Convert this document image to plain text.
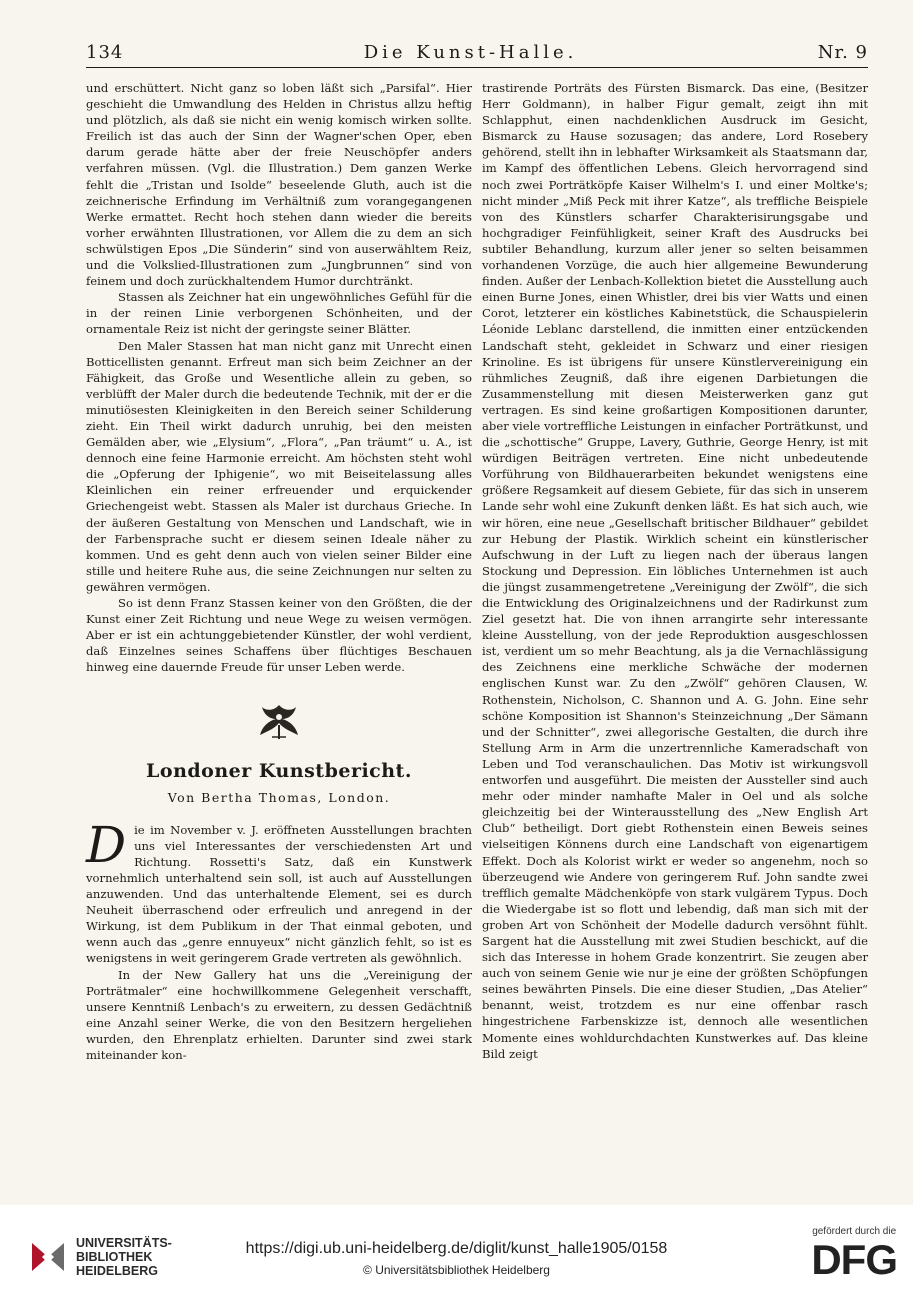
134	Die Kunst-Halle.	Nr. 9

und erschüttert. Nicht ganz so loben läßt sich „Parsifal“. Hier geschieht die Umwandlung des Helden in Christus allzu heftig und plötzlich, als daß sie nicht ein wenig komisch wirken sollte. Freilich ist das auch der Sinn der Wagner'schen Oper, eben darum gerade hätte aber der freie Neuschöpfer anders verfahren müssen. (Vgl. die Illustration.) Dem ganzen Werke fehlt die „Tristan und Isolde“ beseelende Gluth, auch ist die zeichnerische Erfindung im Verhältniß zum vorangegangenen Werke ermattet. Recht hoch stehen dann wieder die bereits vorher erwähnten Illustrationen, vor Allem die zu dem an sich schwülstigen Epos „Die Sünderin“ sind von auserwähltem Reiz, und die Volkslied-Illustrationen zum „Jungbrunnen“ sind von feinem und doch zurückhaltendem Humor durchtränkt.

Stassen als Zeichner hat ein ungewöhnliches Gefühl für die in der reinen Linie verborgenen Schönheiten, und der ornamentale Reiz ist nicht der geringste seiner Blätter.

Den Maler Stassen hat man nicht ganz mit Unrecht einen Botticellisten genannt. Erfreut man sich beim Zeichner an der Fähigkeit, das Große und Wesentliche allein zu geben, so verblüfft der Maler durch die bedeutende Technik, mit der er die minutiösesten Kleinigkeiten in den Bereich seiner Schilderung zieht. Ein Theil wirkt dadurch unruhig, bei den meisten Gemälden aber, wie „Elysium“, „Flora“, „Pan träumt“ u. A., ist dennoch eine feine Harmonie erreicht. Am höchsten steht wohl die „Opferung der Iphigenie“, wo mit Beiseitelassung alles Kleinlichen ein reiner erfreuender und erquickender Griechengeist webt. Stassen als Maler ist durchaus Grieche. In der äußeren Gestaltung von Menschen und Landschaft, wie in der Farbensprache sucht er diesem seinen Ideale näher zu kommen. Und es geht denn auch von vielen seiner Bilder eine stille und heitere Ruhe aus, die seine Zeichnungen nur selten zu gewähren vermögen.

So ist denn Franz Stassen keiner von den Größten, die der Kunst einer Zeit Richtung und neue Wege zu weisen vermögen. Aber er ist ein achtunggebietender Künstler, der wohl verdient, daß Einzelnes seines Schaffens über flüchtiges Beschauen hinweg eine dauernde Freude für unser Leben werde.

Londoner Kunstbericht.
Von Bertha Thomas, London.
D ie im November v. J. eröffneten Ausstellungen brachten uns viel Interessantes der verschiedensten Art und Richtung. Rossetti's Satz, daß ein Kunstwerk vornehmlich unterhaltend sein soll, ist auch auf Ausstellungen anzuwenden. Und das unterhaltende Element, sei es durch Neuheit überraschend oder erfreulich und anregend in der Wirkung, ist dem Publikum in der That einmal geboten, und wenn auch das „genre ennuyeux“ nicht gänzlich fehlt, so ist es wenigstens in weit geringerem Grade vertreten als gewöhnlich.

In der New Gallery hat uns die „Vereinigung der Porträtmaler“ eine hochwillkommene Gelegenheit verschafft, unsere Kenntniß Lenbach's zu erweitern, zu dessen Gedächtniß eine Anzahl seiner Werke, die von den Besitzern hergeliehen wurden, den Ehrenplatz erhielten. Darunter sind zwei stark miteinander kon-

trastirende Porträts des Fürsten Bismarck. Das eine, (Besitzer Herr Goldmann), in halber Figur gemalt, zeigt ihn mit Schlapphut, einen nachdenklichen Ausdruck im Gesicht, Bismarck zu Hause sozusagen; das andere, Lord Rosebery gehörend, stellt ihn in lebhafter Wirksamkeit als Staatsmann dar, im Kampf des öffentlichen Lebens. Gleich hervorragend sind noch zwei Porträtköpfe Kaiser Wilhelm's I. und einer Moltke's; nicht minder „Miß Peck mit ihrer Katze“, als treffliche Beispiele von des Künstlers scharfer Charakterisirungsgabe und hochgradiger Feinfühligkeit, seiner Kraft des Ausdrucks bei subtiler Behandlung, kurzum aller jener so selten beisammen vorhandenen Vorzüge, die auch hier allgemeine Bewunderung finden. Außer der Lenbach-Kollektion bietet die Ausstellung auch einen Burne Jones, einen Whistler, drei bis vier Watts und einen Corot, letzterer ein köstliches Kabinetstück, die Schauspielerin Léonide Leblanc darstellend, die inmitten einer entzückenden Landschaft steht, gekleidet in Schwarz und einer riesigen Krinoline. Es ist übrigens für unsere Künstlervereinigung ein rühmliches Zeugniß, daß ihre eigenen Darbietungen die Zusammenstellung mit diesen Meisterwerken ganz gut vertragen. Es sind keine großartigen Kompositionen darunter, aber viele vortreffliche Leistungen in einfacher Porträtkunst, und die „schottische“ Gruppe, Lavery, Guthrie, George Henry, ist mit würdigen Beiträgen vertreten. Eine nicht unbedeutende Vorführung von Bildhauerarbeiten bekundet wenigstens eine größere Regsamkeit auf diesem Gebiete, für das sich in unserem Lande sehr wohl eine Zukunft denken läßt. Es hat sich auch, wie wir hören, eine neue „Gesellschaft britischer Bildhauer“ gebildet zur Hebung der Plastik. Wirklich scheint ein künstlerischer Aufschwung in der Luft zu liegen nach der überaus langen Stockung und Depression. Ein löbliches Unternehmen ist auch die jüngst zusammengetretene „Vereinigung der Zwölf“, die sich die Entwicklung des Originalzeichnens und der Radirkunst zum Ziel gesetzt hat. Die von ihnen arrangirte sehr interessante kleine Ausstellung, von der jede Reproduktion ausgeschlossen ist, verdient um so mehr Beachtung, als ja die Vernachlässigung des Zeichnens eine merkliche Schwäche der modernen englischen Kunst war. Zu den „Zwölf“ gehören Clausen, W. Rothenstein, Nicholson, C. Shannon und A. G. John. Eine sehr schöne Komposition ist Shannon's Steinzeichnung „Der Sämann und der Schnitter“, zwei allegorische Gestalten, die durch ihre Stellung Arm in Arm die unzertrennliche Kameradschaft von Leben und Tod veranschaulichen. Das Motiv ist wirkungsvoll entworfen und ausgeführt. Die meisten der Aussteller sind auch mehr oder minder namhafte Maler in Oel und als solche gleichzeitig bei der Winterausstellung des „New English Art Club“ betheiligt. Dort giebt Rothenstein einen Beweis seines vielseitigen Könnens durch eine Landschaft von eigenartigem Effekt. Doch als Kolorist wirkt er weder so angenehm, noch so überzeugend wie Andere von geringerem Ruf. John sandte zwei trefflich gemalte Mädchenköpfe von stark vulgärem Typus. Doch die Wiedergabe ist so flott und lebendig, daß man sich mit der groben Art von Schönheit der Modelle dadurch versöhnt fühlt. Sargent hat die Ausstellung mit zwei Studien beschickt, auf die sich das Interesse in hohem Grade konzentrirt. Sie zeugen aber auch von seinem Genie wie nur je eine der größten Schöpfungen seines bewährten Pinsels. Die eine dieser Studien, „Das Atelier“ benannt, weist, trotzdem es nur eine offenbar rasch hingestrichene Farbenskizze ist, dennoch alle wesentlichen Momente eines wohldurchdachten Kunstwerkes auf. Das kleine Bild zeigt

UNIVERSITÄTS-
BIBLIOTHEK
HEIDELBERG
https://digi.ub.uni-heidelberg.de/diglit/kunst_halle1905/0158
© Universitätsbibliothek Heidelberg
gefördert durch die
DFG
